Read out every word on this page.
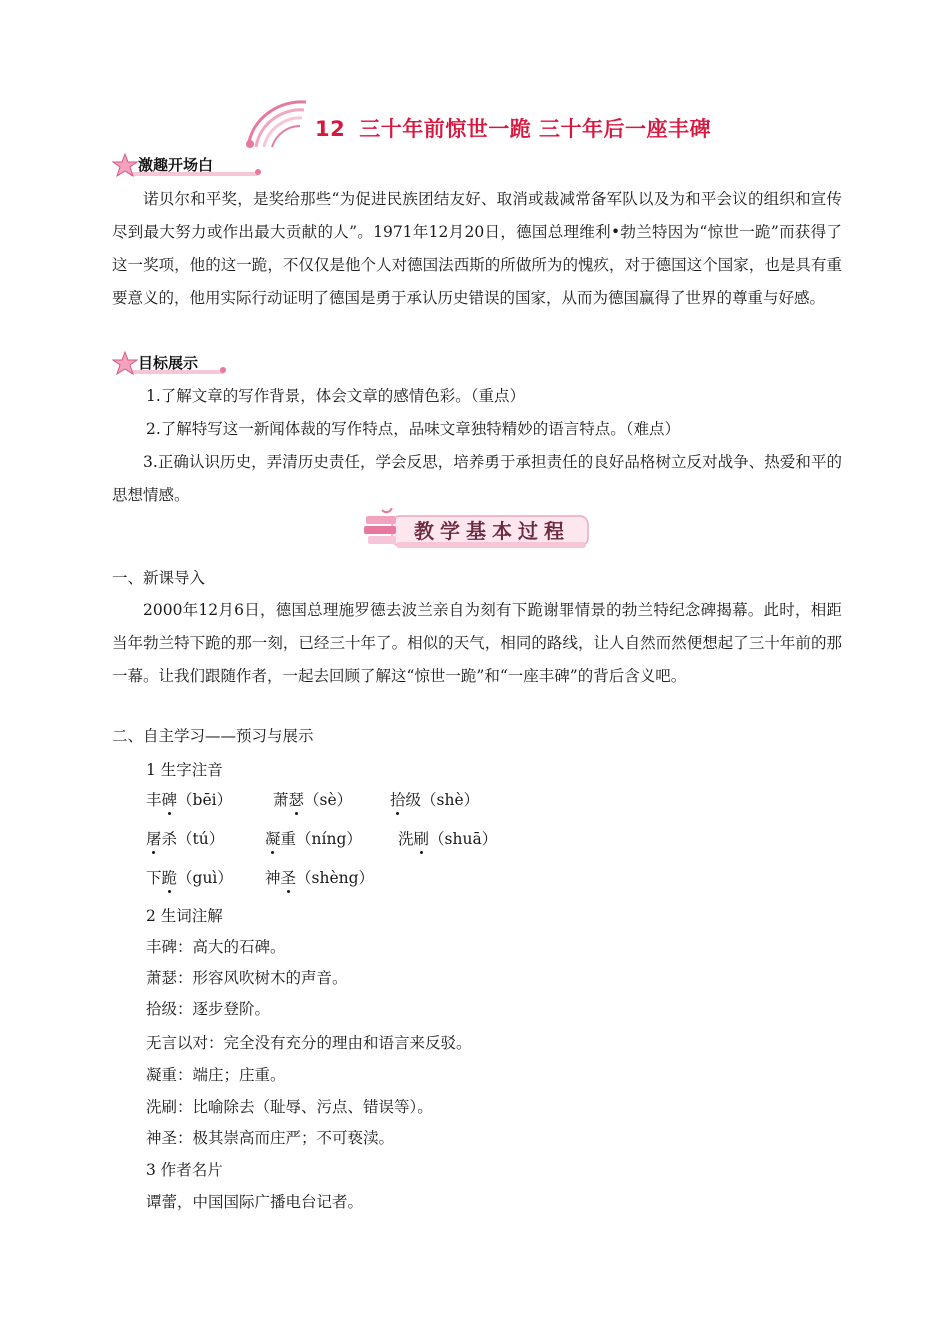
12 三十年前惊世一跪 三十年后一座丰碑
激趣开场白
诺贝尔和平奖，是奖给那些“为促进民族团结友好、取消或裁减常备军队以及为和平会议的组织和宣传尽到最大努力或作出最大贡献的人”。1971年12月20日，德国总理维利•勃兰特因为“惊世一跪”而获得了这一奖项，他的这一跪，不仅仅是他个人对德国法西斯的所做所为的愧疚，对于德国这个国家，也是具有重要意义的，他用实际行动证明了德国是勇于承认历史错误的国家，从而为德国赢得了世界的尊重与好感。
目标展示
1.了解文章的写作背景，体会文章的感情色彩。（重点）
2.了解特写这一新闻体裁的写作特点，品味文章独特精妙的语言特点。（难点）
3.正确认识历史，弄清历史责任，学会反思，培养勇于承担责任的良好品格树立反对战争、热爱和平的思想情感。
教学基本过程
一、新课导入
2000年12月6日，德国总理施罗德去波兰亲自为刻有下跪谢罪情景的勃兰特纪念碑揭幕。此时，相距当年勃兰特下跪的那一刻，已经三十年了。相似的天气，相同的路线，让人自然而然便想起了三十年前的那一幕。让我们跟随作者，一起去回顾了解这“惊世一跪”和“一座丰碑”的背后含义吧。
二、自主学习——预习与展示
1 生字注音
丰碑（bēi）	萧瑟（sè） 拾级（shè）
屠杀（tú）	凝重（níng） 洗刷（shuā）
下跪（guì） 神圣（shèng）
2 生词注解
丰碑：高大的石碑。
萧瑟：形容风吹树木的声音。
拾级：逐步登阶。
无言以对：完全没有充分的理由和语言来反驳。
凝重：端庄；庄重。
洗刷：比喻除去（耻辱、污点、错误等）。
神圣：极其崇高而庄严；不可亵渎。
3 作者名片
谭蕾，中国国际广播电台记者。
